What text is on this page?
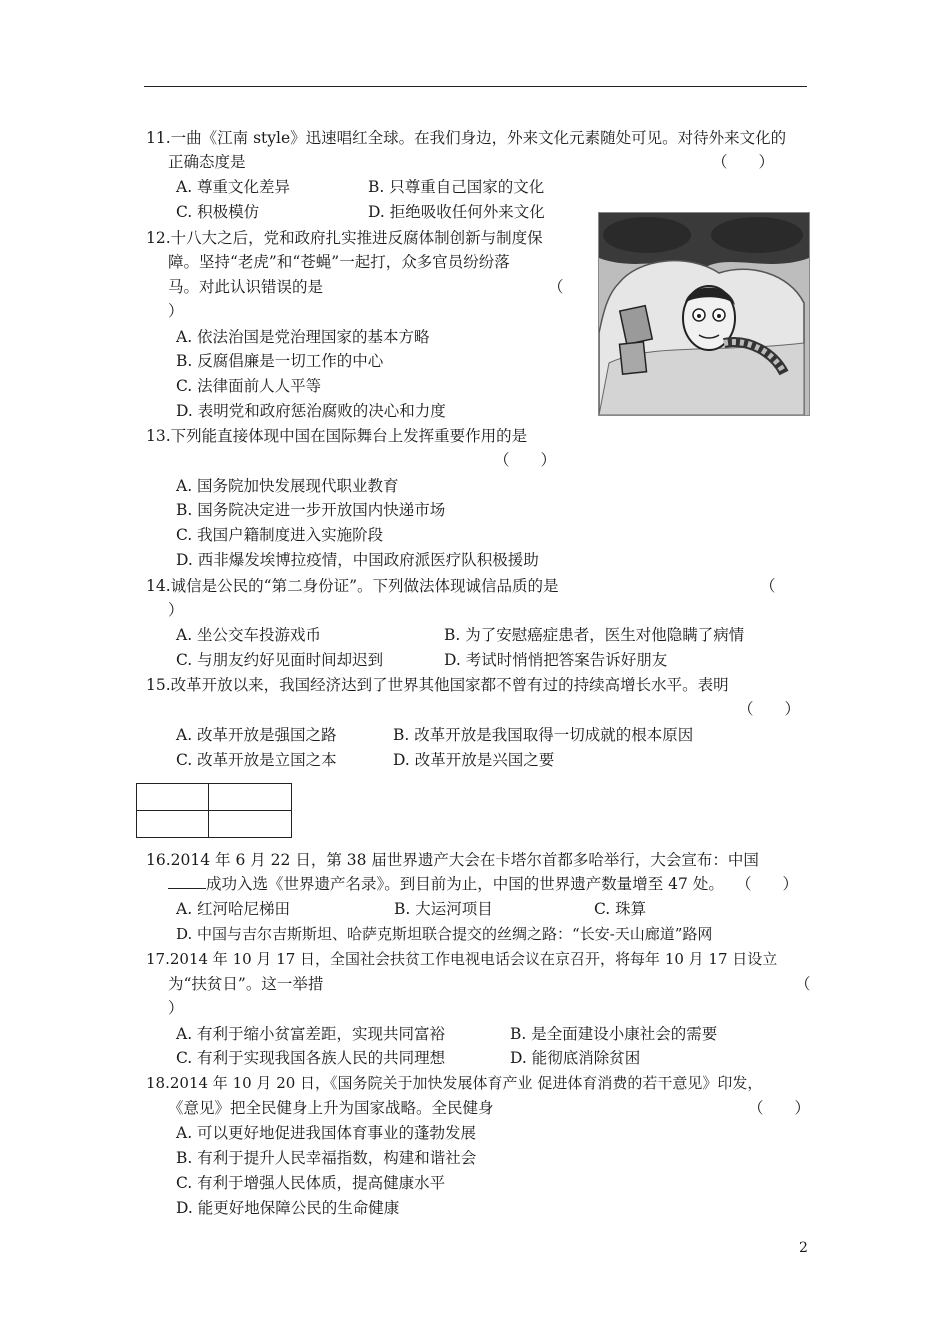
11.一曲《江南 style》迅速唱红全球。在我们身边，外来文化元素随处可见。对待外来文化的
正确态度是	（　　）
A. 尊重文化差异	B. 只尊重自己国家的文化
C. 积极模仿	D. 拒绝吸收任何外来文化
12.十八大之后，党和政府扎实推进反腐体制创新与制度保
障。坚持“老虎”和“苍蝇”一起打，众多官员纷纷落
马。对此认识错误的是	（
）
A. 依法治国是党治理国家的基本方略
B. 反腐倡廉是一切工作的中心
C. 法律面前人人平等
D. 表明党和政府惩治腐败的决心和力度
13.下列能直接体现中国在国际舞台上发挥重要作用的是
（　　）
A. 国务院加快发展现代职业教育
B. 国务院决定进一步开放国内快递市场
C. 我国户籍制度进入实施阶段
D. 西非爆发埃博拉疫情，中国政府派医疗队积极援助
14.诚信是公民的“第二身份证”。下列做法体现诚信品质的是	（
）
A. 坐公交车投游戏币	B. 为了安慰癌症患者，医生对他隐瞒了病情
C. 与朋友约好见面时间却迟到	D. 考试时悄悄把答案告诉好朋友
15.改革开放以来，我国经济达到了世界其他国家都不曾有过的持续高增长水平。表明
（　　）
A. 改革开放是强国之路	B. 改革开放是我国取得一切成就的根本原因
C. 改革开放是立国之本	D. 改革开放是兴国之要

16.2014 年 6 月 22 日，第 38 届世界遗产大会在卡塔尔首都多哈举行，大会宣布：中国
成功入选《世界遗产名录》。到目前为止，中国的世界遗产数量增至 47 处。 （　　）
A. 红河哈尼梯田	B. 大运河项目	C. 珠算
D. 中国与吉尔吉斯斯坦、哈萨克斯坦联合提交的丝绸之路：“长安-天山廊道”路网
17.2014 年 10 月 17 日，全国社会扶贫工作电视电话会议在京召开，将每年 10 月 17 日设立
为“扶贫日”。这一举措	（
）
A. 有利于缩小贫富差距，实现共同富裕	B. 是全面建设小康社会的需要
C. 有利于实现我国各族人民的共同理想	D. 能彻底消除贫困
18.2014 年 10 月 20 日，《国务院关于加快发展体育产业 促进体育消费的若干意见》印发，
《意见》把全民健身上升为国家战略。全民健身	（　　）
A. 可以更好地促进我国体育事业的蓬勃发展
B. 有利于提升人民幸福指数，构建和谐社会
C. 有利于增强人民体质，提高健康水平
D. 能更好地保障公民的生命健康
2
